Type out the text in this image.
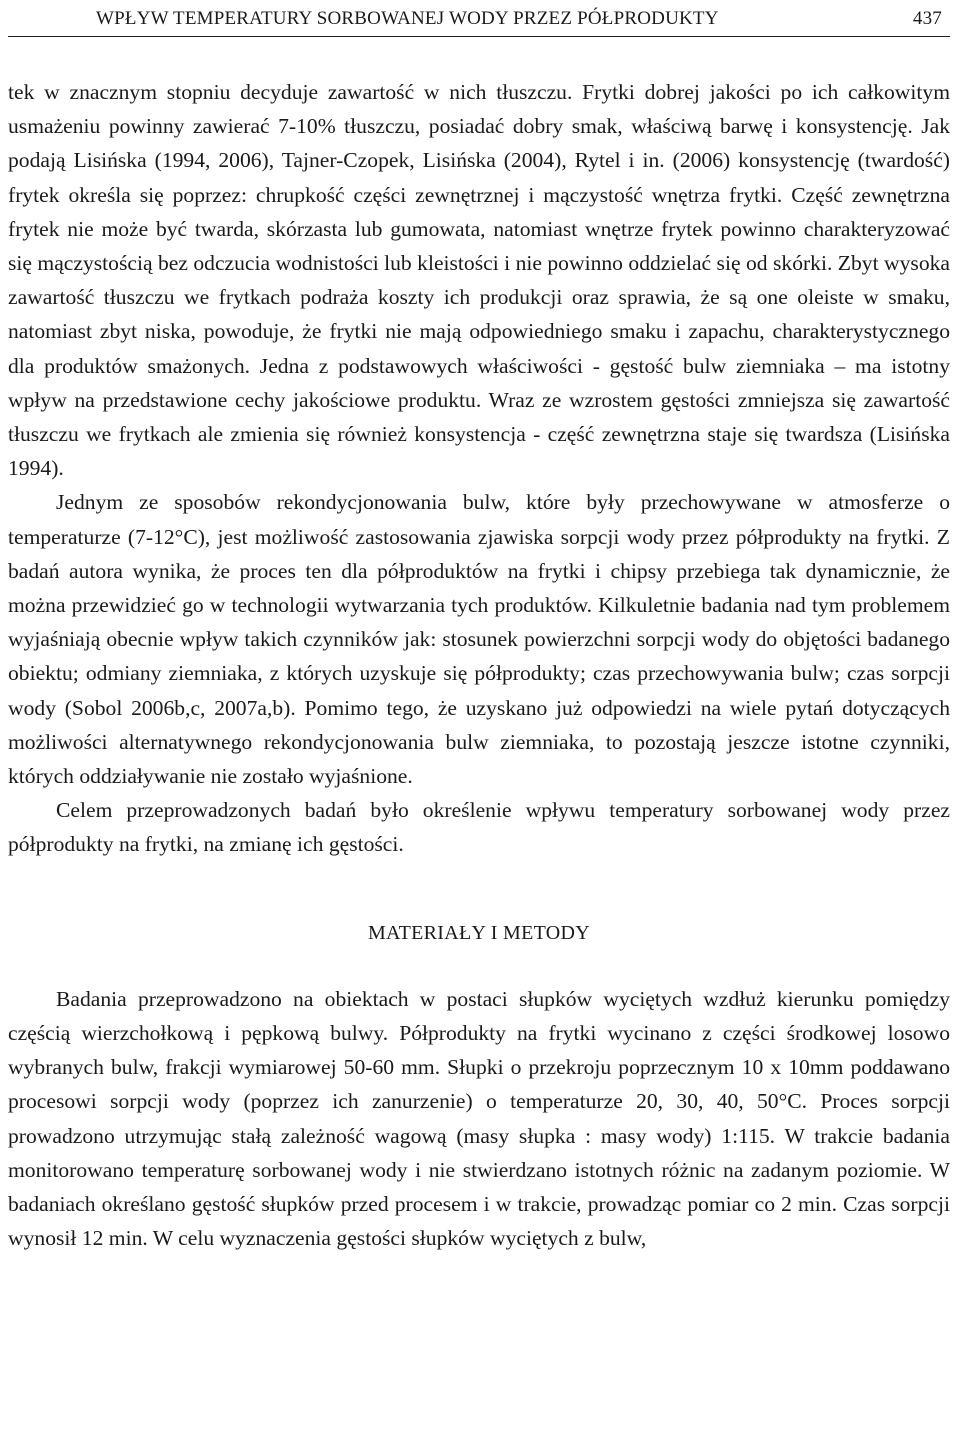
WPŁYW TEMPERATURY SORBOWANEJ WODY PRZEZ PÓŁPRODUKTY	437

tek w znacznym stopniu decyduje zawartość w nich tłuszczu. Frytki dobrej jakości po ich całkowitym usmażeniu powinny zawierać 7-10% tłuszczu, posiadać dobry smak, właściwą barwę i konsystencję. Jak podają Lisińska (1994, 2006), Tajner-Czopek, Lisińska (2004), Rytel i in. (2006) konsystencję (twardość) frytek określa się poprzez: chrupkość części zewnętrznej i mączystość wnętrza frytki. Część zewnętrzna frytek nie może być twarda, skórzasta lub gumowata, natomiast wnętrze frytek powinno charakteryzować się mączystością bez odczucia wodnistości lub kleistości i nie powinno oddzielać się od skórki. Zbyt wysoka zawartość tłuszczu we frytkach podraża koszty ich produkcji oraz sprawia, że są one oleiste w smaku, natomiast zbyt niska, powoduje, że frytki nie mają odpowiedniego smaku i zapachu, charakterystycznego dla produktów smażonych. Jedna z podstawowych właściwości - gęstość bulw ziemniaka – ma istotny wpływ na przedstawione cechy jakościowe produktu. Wraz ze wzrostem gęstości zmniejsza się zawartość tłuszczu we frytkach ale zmienia się również konsystencja - część zewnętrzna staje się twardsza (Lisińska 1994).

Jednym ze sposobów rekondycjonowania bulw, które były przechowywane w atmosferze o temperaturze (7-12°C), jest możliwość zastosowania zjawiska sorpcji wody przez półprodukty na frytki. Z badań autora wynika, że proces ten dla półproduktów na frytki i chipsy przebiega tak dynamicznie, że można przewidzieć go w technologii wytwarzania tych produktów. Kilkuletnie badania nad tym problemem wyjaśniają obecnie wpływ takich czynników jak: stosunek powierzchni sorpcji wody do objętości badanego obiektu; odmiany ziemniaka, z których uzyskuje się półprodukty; czas przechowywania bulw; czas sorpcji wody (Sobol 2006b,c, 2007a,b). Pomimo tego, że uzyskano już odpowiedzi na wiele pytań dotyczących możliwości alternatywnego rekondycjonowania bulw ziemniaka, to pozostają jeszcze istotne czynniki, których oddziaływanie nie zostało wyjaśnione.

Celem przeprowadzonych badań było określenie wpływu temperatury sorbowanej wody przez półprodukty na frytki, na zmianę ich gęstości.

MATERIAŁY I METODY

Badania przeprowadzono na obiektach w postaci słupków wyciętych wzdłuż kierunku pomiędzy częścią wierzchołkową i pępkową bulwy. Półprodukty na frytki wycinano z części środkowej losowo wybranych bulw, frakcji wymiarowej 50-60 mm. Słupki o przekroju poprzecznym 10 x 10mm poddawano procesowi sorpcji wody (poprzez ich zanurzenie) o temperaturze 20, 30, 40, 50°C. Proces sorpcji prowadzono utrzymując stałą zależność wagową (masy słupka : masy wody) 1:115. W trakcie badania monitorowano temperaturę sorbowanej wody i nie stwierdzano istotnych różnic na zadanym poziomie. W badaniach określano gęstość słupków przed procesem i w trakcie, prowadząc pomiar co 2 min. Czas sorpcji wynosił 12 min. W celu wyznaczenia gęstości słupków wyciętych z bulw,
